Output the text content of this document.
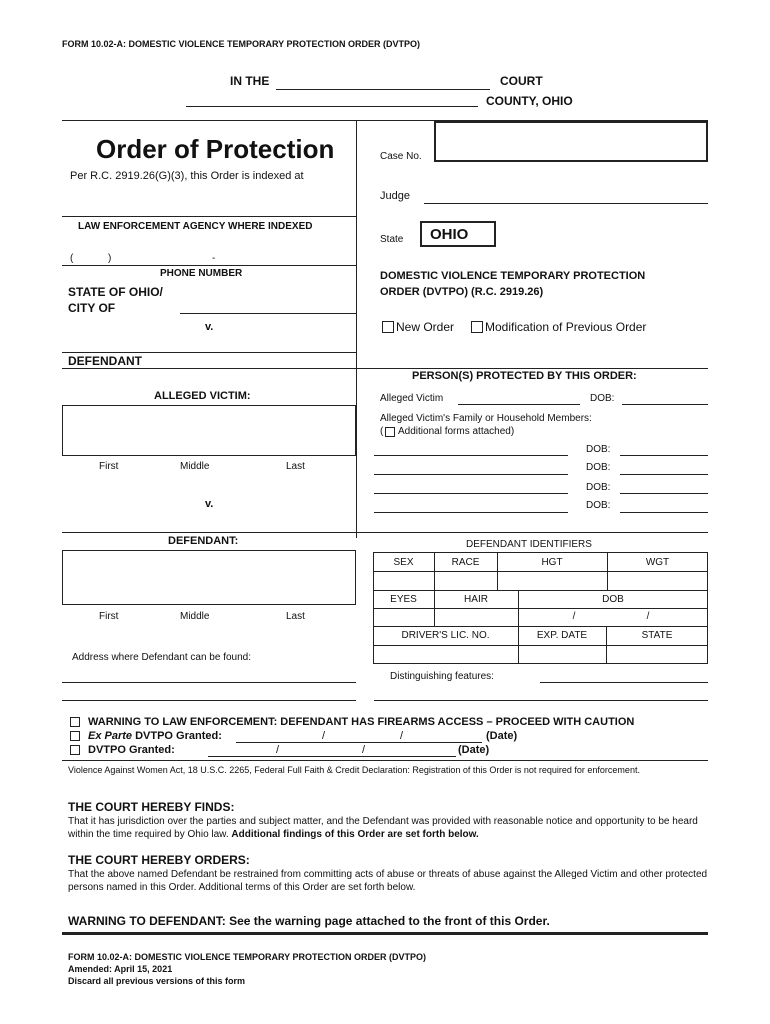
FORM 10.02-A: DOMESTIC VIOLENCE TEMPORARY PROTECTION ORDER (DVTPO)
IN THE	COURT
COUNTY, OHIO
Order of Protection
Per R.C. 2919.26(G)(3), this Order is indexed at
LAW ENFORCEMENT AGENCY WHERE INDEXED
(	)	-
PHONE NUMBER
STATE OF OHIO/
CITY OF
v.
DEFENDANT
ALLEGED VICTIM:
First	Middle	Last
v.
DEFENDANT:
First	Middle	Last
Address where Defendant can be found:
Case No.
Judge
State OHIO
DOMESTIC VIOLENCE TEMPORARY PROTECTION
ORDER (DVTPO) (R.C. 2919.26)
New Order	Modification of Previous Order
PERSON(S) PROTECTED BY THIS ORDER:
Alleged Victim	DOB:
Alleged Victim's Family or Household Members:
( Additional forms attached)
DOB:
DOB:
DOB:
DOB:
DEFENDANT IDENTIFIERS
SEX	RACE	HGT	WGT
EYES	HAIR	DOB
/	/
DRIVER'S LIC. NO.	EXP. DATE	STATE
Distinguishing features:
WARNING TO LAW ENFORCEMENT: DEFENDANT HAS FIREARMS ACCESS – PROCEED WITH CAUTION
Ex Parte DVTPO Granted:	/	/	(Date)
DVTPO Granted:	/	/	(Date)
Violence Against Women Act, 18 U.S.C. 2265, Federal Full Faith & Credit Declaration: Registration of this Order is not required for enforcement.
THE COURT HEREBY FINDS:
That it has jurisdiction over the parties and subject matter, and the Defendant was provided with reasonable notice and opportunity to be heard within the time required by Ohio law. Additional findings of this Order are set forth below.
THE COURT HEREBY ORDERS:
That the above named Defendant be restrained from committing acts of abuse or threats of abuse against the Alleged Victim and other protected persons named in this Order. Additional terms of this Order are set forth below.
WARNING TO DEFENDANT: See the warning page attached to the front of this Order.
FORM 10.02-A: DOMESTIC VIOLENCE TEMPORARY PROTECTION ORDER (DVTPO)
Amended: April 15, 2021
Discard all previous versions of this form
